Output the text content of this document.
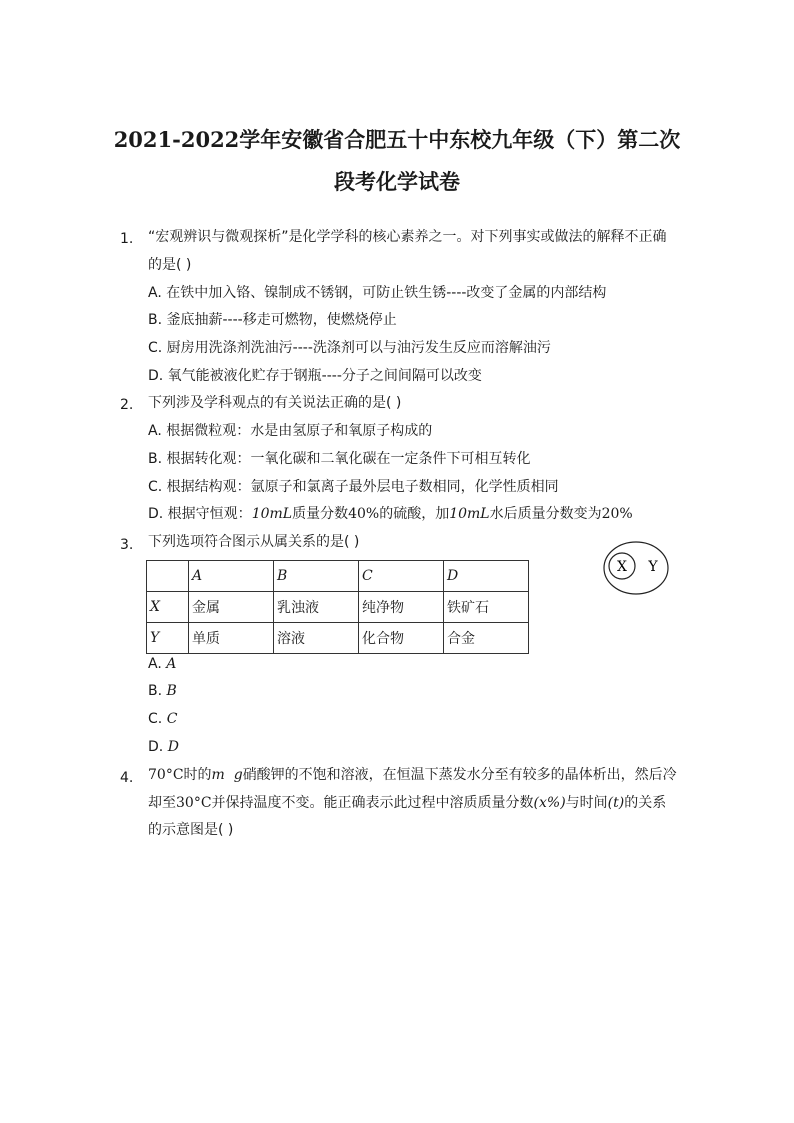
2021-2022学年安徽省合肥五十中东校九年级（下）第二次
段考化学试卷
1. “宏观辨识与微观探析”是化学学科的核心素养之一。对下列事实或做法的解释不正确
的是( )
A. 在铁中加入铬、镍制成不锈钢，可防止铁生锈----改变了金属的内部结构
B. 釜底抽薪----移走可燃物，使燃烧停止
C. 厨房用洗涤剂洗油污----洗涤剂可以与油污发生反应而溶解油污
D. 氧气能被液化贮存于钢瓶----分子之间间隔可以改变
2. 下列涉及学科观点的有关说法正确的是( )
A. 根据微粒观：水是由氢原子和氧原子构成的
B. 根据转化观：一氧化碳和二氧化碳在一定条件下可相互转化
C. 根据结构观：氩原子和氯离子最外层电子数相同，化学性质相同
D. 根据守恒观：10mL质量分数40%的硫酸，加10mL水后质量分数变为20%
3. 下列选项符合图示从属关系的是( )
	A	B	C	D
X	金属	乳浊液	纯净物	铁矿石
Y	单质	溶液	化合物	合金
X Y
A. A
B. B
C. C
D. D
4. 70°C时的m g硝酸钾的不饱和溶液，在恒温下蒸发水分至有较多的晶体析出，然后冷
却至30°C并保持温度不变。能正确表示此过程中溶质质量分数(x%)与时间(t)的关系
的示意图是( )
